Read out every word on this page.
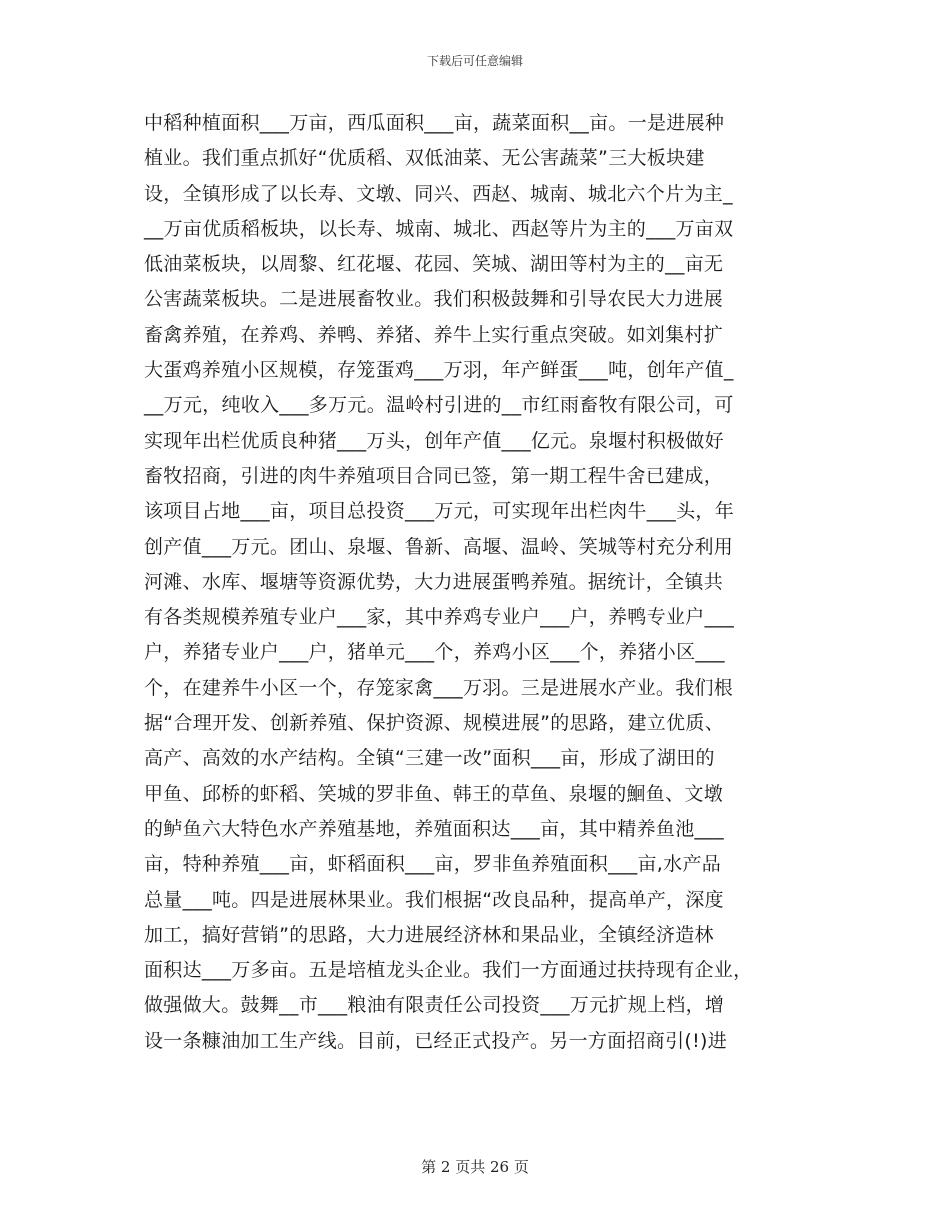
下载后可任意编辑
中稻种植面积___万亩，西瓜面积___亩，蔬菜面积__亩。一是进展种
植业。我们重点抓好“优质稻、双低油菜、无公害蔬菜”三大板块建
设，全镇形成了以长寿、文墩、同兴、西赵、城南、城北六个片为主_
__万亩优质稻板块，以长寿、城南、城北、西赵等片为主的___万亩双
低油菜板块，以周黎、红花堰、花园、笑城、湖田等村为主的__亩无
公害蔬菜板块。二是进展畜牧业。我们积极鼓舞和引导农民大力进展
畜禽养殖，在养鸡、养鸭、养猪、养牛上实行重点突破。如刘集村扩
大蛋鸡养殖小区规模，存笼蛋鸡___万羽，年产鲜蛋___吨，创年产值_
__万元，纯收入___多万元。温岭村引进的__市红雨畜牧有限公司，可
实现年出栏优质良种猪___万头，创年产值___亿元。泉堰村积极做好
畜牧招商，引进的肉牛养殖项目合同已签，第一期工程牛舍已建成，
该项目占地___亩，项目总投资___万元，可实现年出栏肉牛___头，年
创产值___万元。团山、泉堰、鲁新、高堰、温岭、笑城等村充分利用
河滩、水库、堰塘等资源优势，大力进展蛋鸭养殖。据统计，全镇共
有各类规模养殖专业户___家，其中养鸡专业户___户，养鸭专业户___
户，养猪专业户___户，猪单元___个，养鸡小区___个，养猪小区___
个，在建养牛小区一个，存笼家禽___万羽。三是进展水产业。我们根
据“合理开发、创新养殖、保护资源、规模进展”的思路，建立优质、
高产、高效的水产结构。全镇“三建一改”面积___亩，形成了湖田的
甲鱼、邱桥的虾稻、笑城的罗非鱼、韩王的草鱼、泉堰的鮰鱼、文墩
的鲈鱼六大特色水产养殖基地，养殖面积达___亩，其中精养鱼池___
亩，特种养殖___亩，虾稻面积___亩，罗非鱼养殖面积___亩,水产品
总量___吨。四是进展林果业。我们根据“改良品种，提高单产，深度
加工，搞好营销”的思路，大力进展经济林和果品业，全镇经济造林
面积达___万多亩。五是培植龙头企业。我们一方面通过扶持现有企业，
做强做大。鼓舞__市___粮油有限责任公司投资___万元扩规上档，增
设一条糠油加工生产线。目前，已经正式投产。另一方面招商引(!)进
第 2 页共 26 页
